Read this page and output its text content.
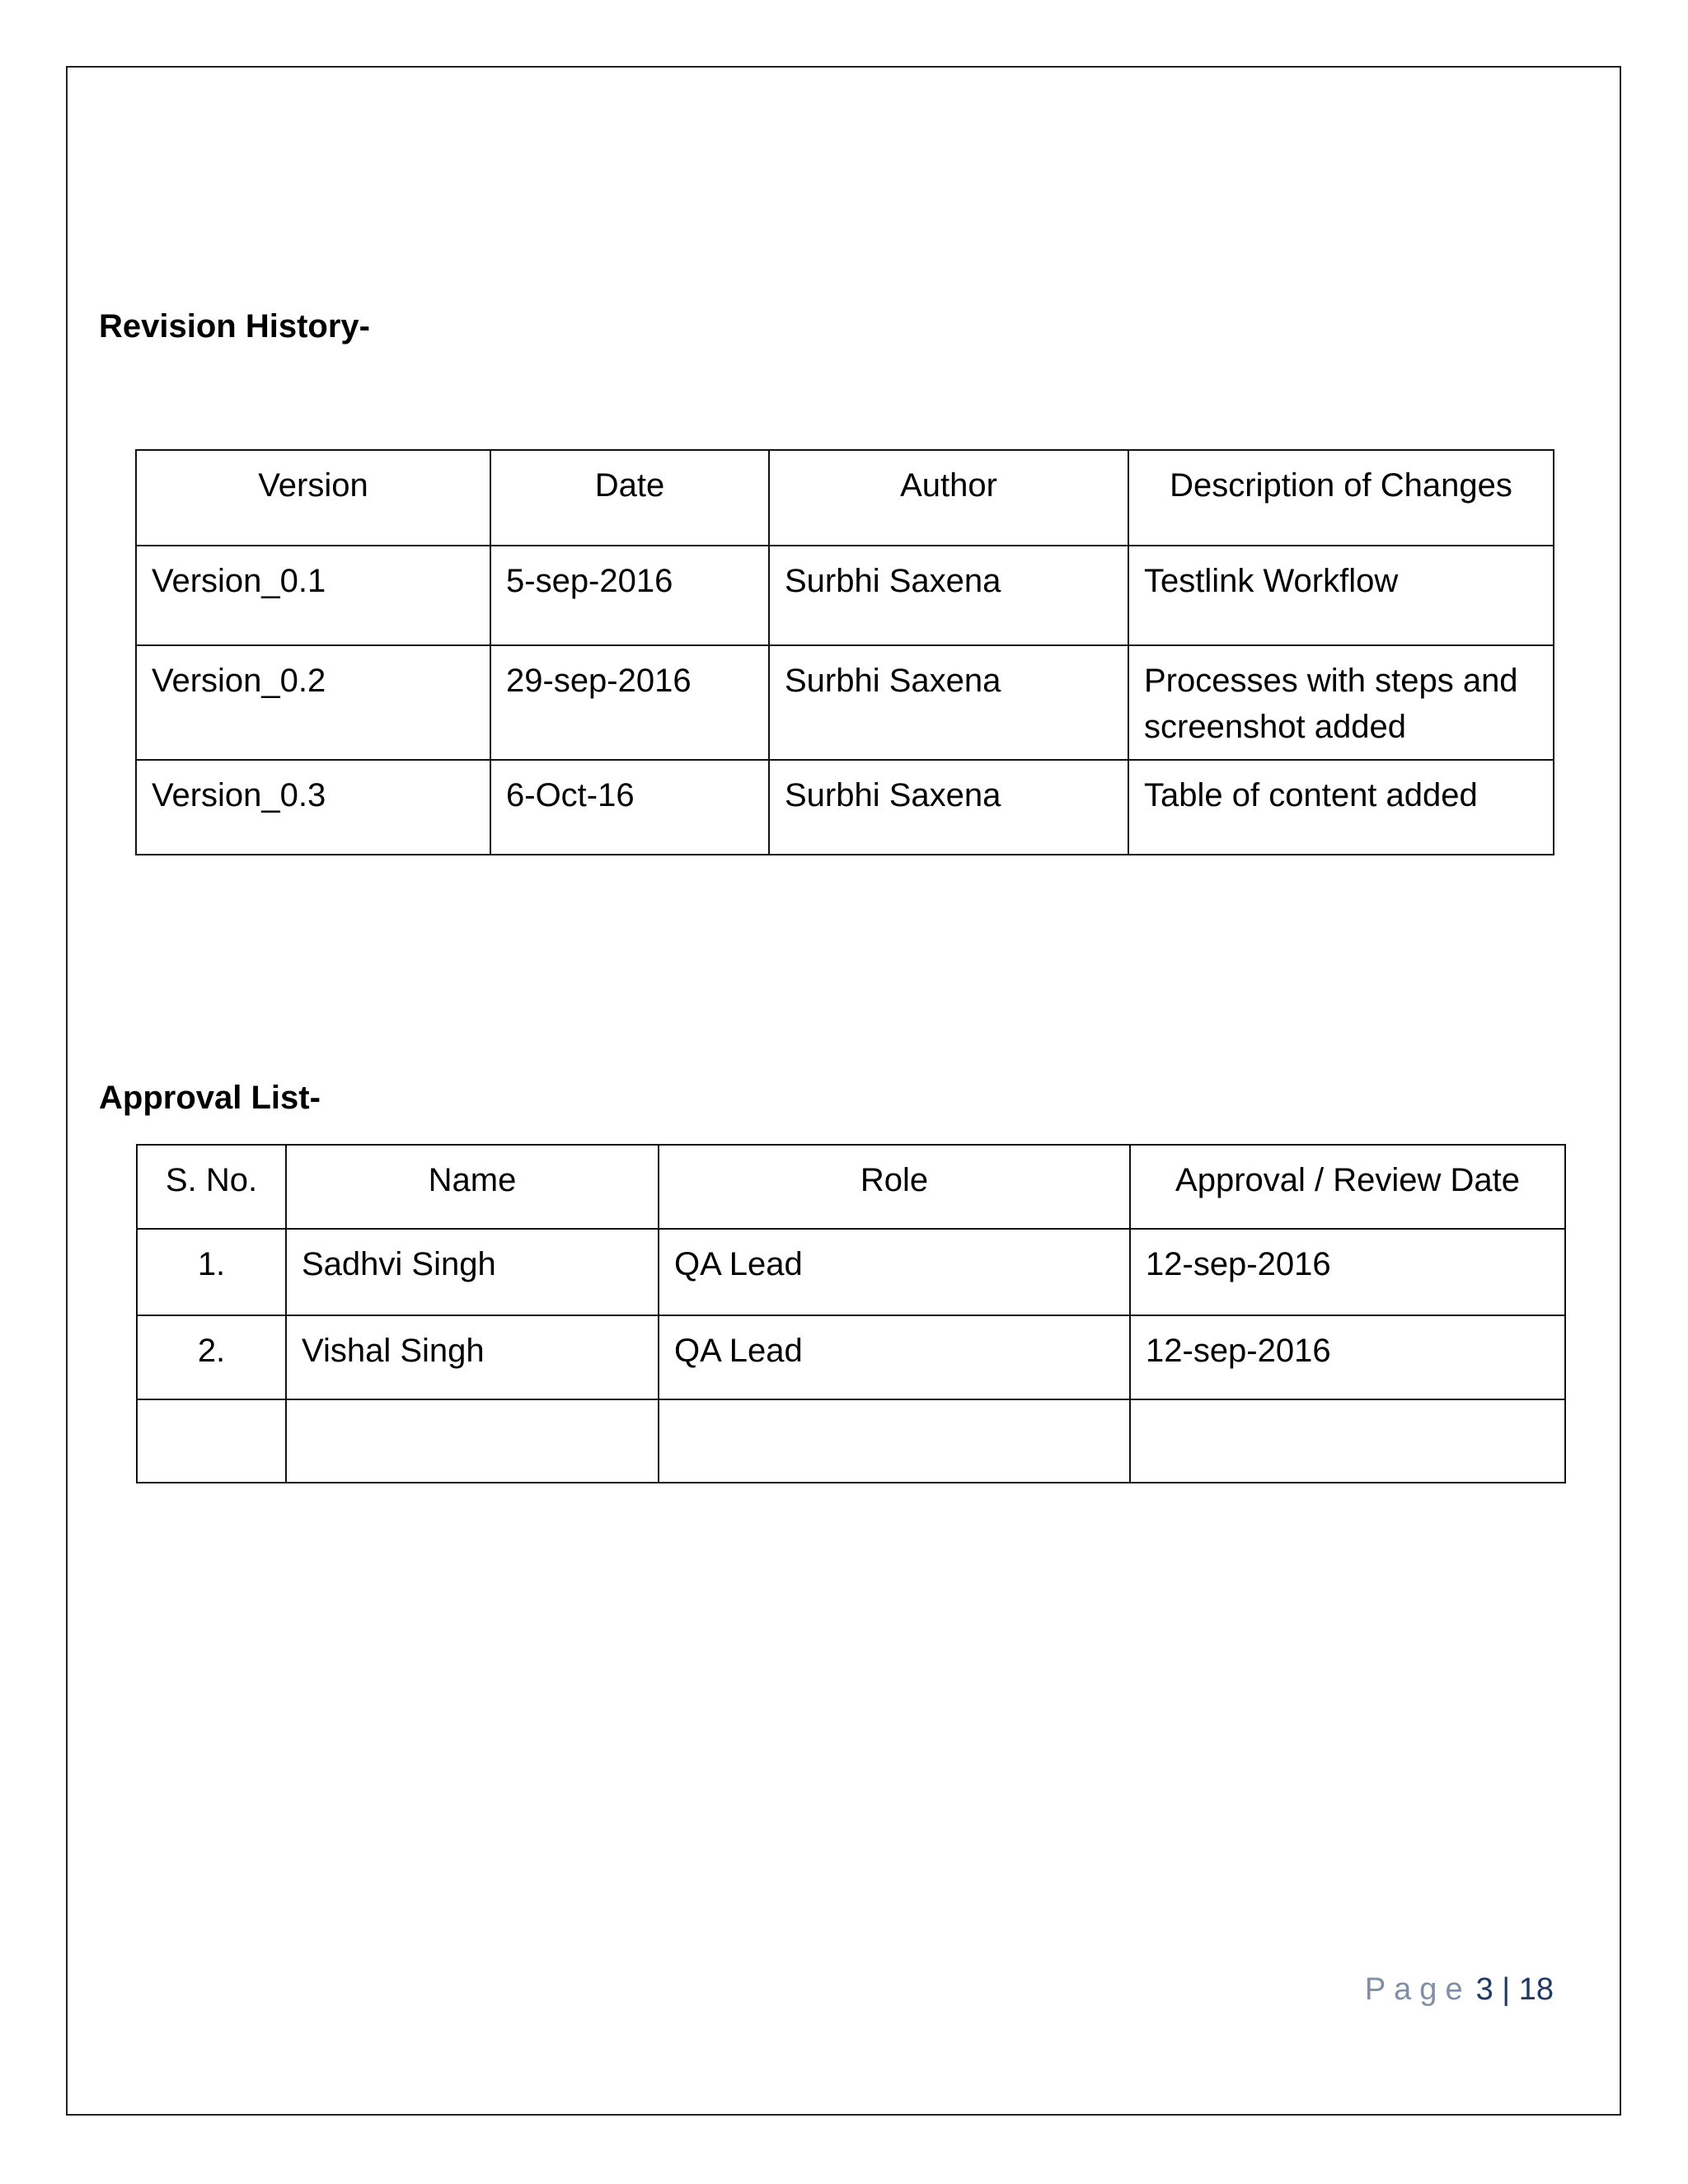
Revision History-
Version	Date	Author	Description of Changes
Version_0.1	5-sep-2016	Surbhi Saxena	Testlink Workflow
Version_0.2	29-sep-2016	Surbhi Saxena	Processes with steps and screenshot added
Version_0.3	6-Oct-16	Surbhi Saxena	Table of content added
Approval List-
S. No.	Name	Role	Approval / Review Date
1.	Sadhvi Singh	QA Lead	12-sep-2016
2.	Vishal Singh	QA Lead	12-sep-2016

Page 3 | 18
